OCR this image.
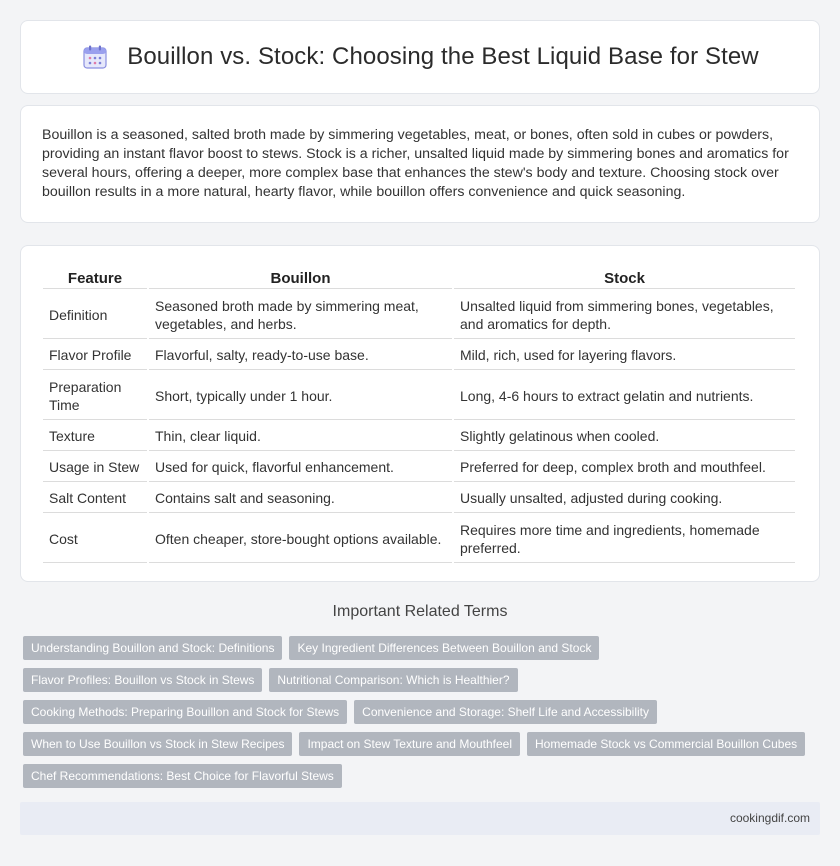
Bouillon vs. Stock: Choosing the Best Liquid Base for Stew

Bouillon is a seasoned, salted broth made by simmering vegetables, meat, or bones, often sold in cubes or powders, providing an instant flavor boost to stews. Stock is a richer, unsalted liquid made by simmering bones and aromatics for several hours, offering a deeper, more complex base that enhances the stew's body and texture. Choosing stock over bouillon results in a more natural, hearty flavor, while bouillon offers convenience and quick seasoning.

Feature	Bouillon	Stock
Definition	Seasoned broth made by simmering meat, vegetables, and herbs.	Unsalted liquid from simmering bones, vegetables, and aromatics for depth.
Flavor Profile	Flavorful, salty, ready-to-use base.	Mild, rich, used for layering flavors.
Preparation Time	Short, typically under 1 hour.	Long, 4-6 hours to extract gelatin and nutrients.
Texture	Thin, clear liquid.	Slightly gelatinous when cooled.
Usage in Stew	Used for quick, flavorful enhancement.	Preferred for deep, complex broth and mouthfeel.
Salt Content	Contains salt and seasoning.	Usually unsalted, adjusted during cooking.
Cost	Often cheaper, store-bought options available.	Requires more time and ingredients, homemade preferred.
Important Related Terms
Understanding Bouillon and Stock: Definitions	Key Ingredient Differences Between Bouillon and Stock
Flavor Profiles: Bouillon vs Stock in Stews	Nutritional Comparison: Which is Healthier?
Cooking Methods: Preparing Bouillon and Stock for Stews	Convenience and Storage: Shelf Life and Accessibility
When to Use Bouillon vs Stock in Stew Recipes	Impact on Stew Texture and Mouthfeel	Homemade Stock vs Commercial Bouillon Cubes
Chef Recommendations: Best Choice for Flavorful Stews
cookingdif.com
